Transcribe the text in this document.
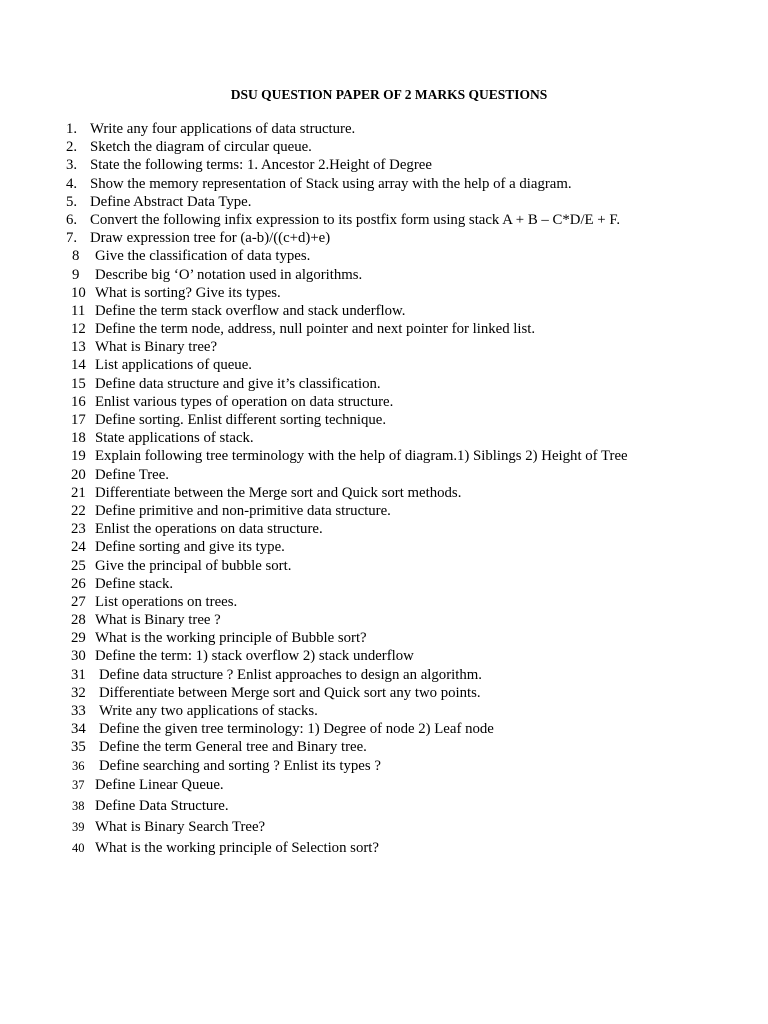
DSU QUESTION PAPER OF 2 MARKS QUESTIONS
1. Write any four applications of data structure.
2. Sketch the diagram of circular queue.
3. State the following terms: 1. Ancestor 2.Height of Degree
4. Show the memory representation of Stack using array with the help of a diagram.
5. Define Abstract Data Type.
6. Convert the following infix expression to its postfix form using stack A + B – C*D/E + F.
7. Draw expression tree for (a-b)/((c+d)+e)
8 Give the classification of data types.
9 Describe big ‘O’ notation used in algorithms.
10 What is sorting? Give its types.
11 Define the term stack overflow and stack underflow.
12 Define the term node, address, null pointer and next pointer for linked list.
13 What is Binary tree?
14 List applications of queue.
15 Define data structure and give it’s classification.
16 Enlist various types of operation on data structure.
17 Define sorting. Enlist different sorting technique.
18 State applications of stack.
19 Explain following tree terminology with the help of diagram.1) Siblings 2) Height of Tree
20 Define Tree.
21 Differentiate between the Merge sort and Quick sort methods.
22 Define primitive and non-primitive data structure.
23 Enlist the operations on data structure.
24 Define sorting and give its type.
25 Give the principal of bubble sort.
26 Define stack.
27 List operations on trees.
28 What is Binary tree ?
29 What is the working principle of Bubble sort?
30 Define the term: 1) stack overflow 2) stack underflow
31 Define data structure ? Enlist approaches to design an algorithm.
32 Differentiate between Merge sort and Quick sort any two points.
33 Write any two applications of stacks.
34 Define the given tree terminology: 1) Degree of node 2) Leaf node
35 Define the term General tree and Binary tree.
36 Define searching and sorting ? Enlist its types ?
37 Define Linear Queue.
38 Define Data Structure.
39 What is Binary Search Tree?
40 What is the working principle of Selection sort?
